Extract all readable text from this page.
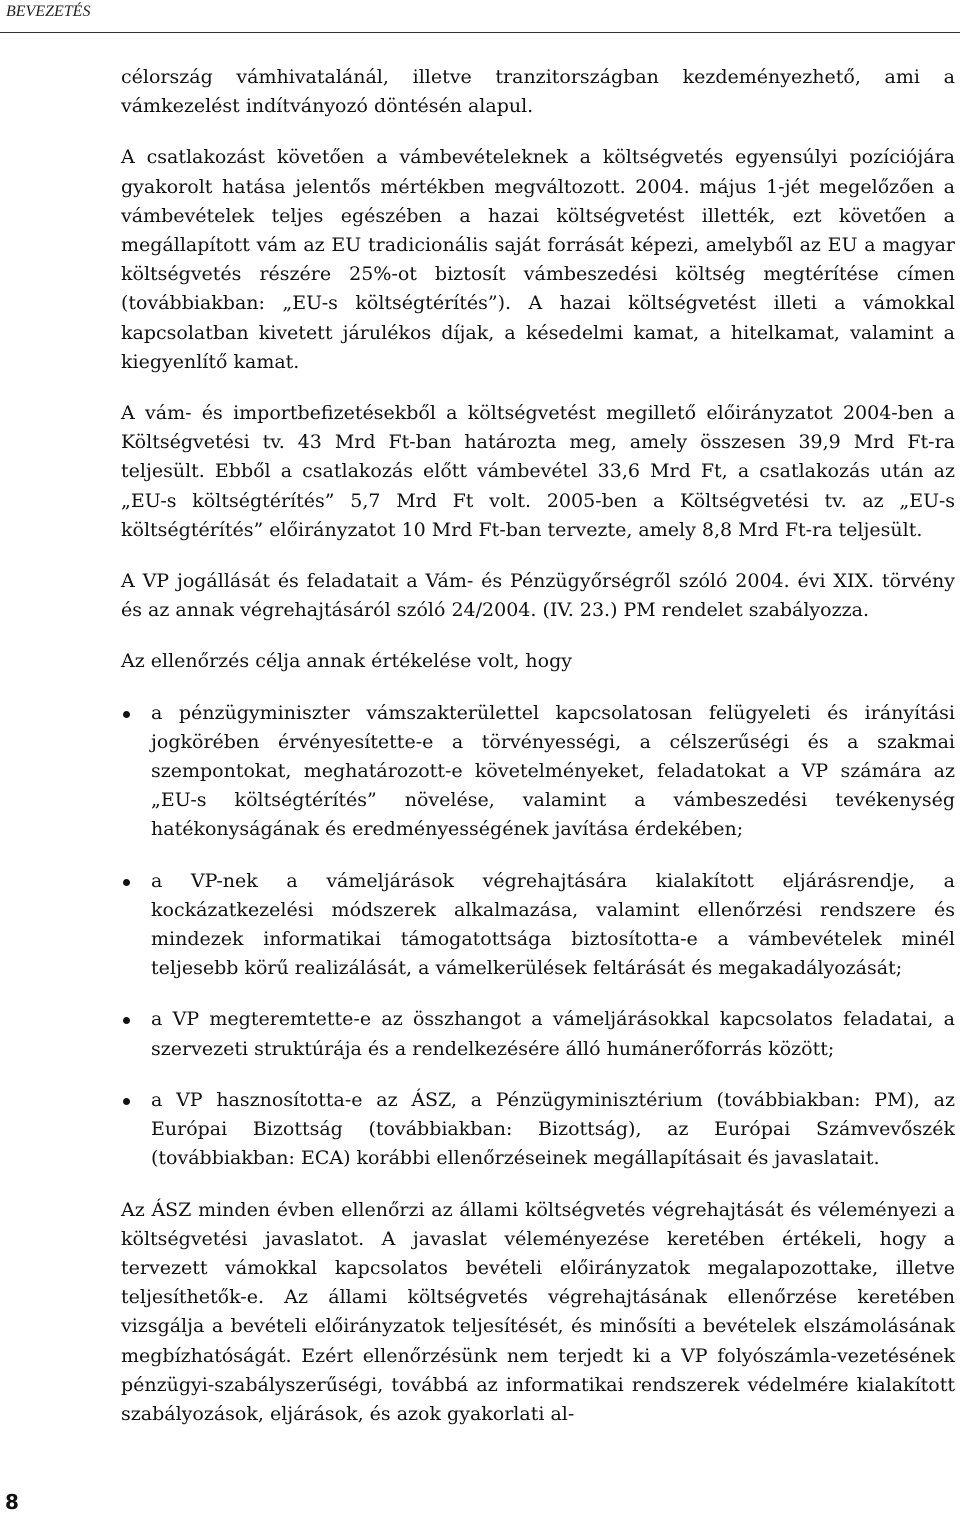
BEVEZETÉS

célország vámhivatalánál, illetve tranzitországban kezdeményezhető, ami a vámkezelést indítványozó döntésén alapul.

A csatlakozást követően a vámbevételeknek a költségvetés egyensúlyi pozíciójára gyakorolt hatása jelentős mértékben megváltozott. 2004. május 1-jét megelőzően a vámbevételek teljes egészében a hazai költségvetést illették, ezt követően a megállapított vám az EU tradicionális saját forrását képezi, amelyből az EU a magyar költségvetés részére 25%-ot biztosít vámbeszedési költség megtérítése címen (továbbiakban: „EU-s költségtérítés”). A hazai költségvetést illeti a vámokkal kapcsolatban kivetett járulékos díjak, a késedelmi kamat, a hitelkamat, valamint a kiegyenlítő kamat.

A vám- és importbefizetésekből a költségvetést megillető előirányzatot 2004-ben a Költségvetési tv. 43 Mrd Ft-ban határozta meg, amely összesen 39,9 Mrd Ft-ra teljesült. Ebből a csatlakozás előtt vámbevétel 33,6 Mrd Ft, a csatlakozás után az „EU-s költségtérítés” 5,7 Mrd Ft volt. 2005-ben a Költségvetési tv. az „EU-s költségtérítés” előirányzatot 10 Mrd Ft-ban tervezte, amely 8,8 Mrd Ft-ra teljesült.

A VP jogállását és feladatait a Vám- és Pénzügyőrségről szóló 2004. évi XIX. törvény és az annak végrehajtásáról szóló 24/2004. (IV. 23.) PM rendelet szabályozza.

Az ellenőrzés célja annak értékelése volt, hogy

a pénzügyminiszter vámszakterülettel kapcsolatosan felügyeleti és irányítási jogkörében érvényesítette-e a törvényességi, a célszerűségi és a szakmai szempontokat, meghatározott-e követelményeket, feladatokat a VP számára az „EU-s költségtérítés” növelése, valamint a vámbeszedési tevékenység hatékonyságának és eredményességének javítása érdekében;
a VP-nek a vámeljárások végrehajtására kialakított eljárásrendje, a kockázatkezelési módszerek alkalmazása, valamint ellenőrzési rendszere és mindezek informatikai támogatottsága biztosította-e a vámbevételek minél teljesebb körű realizálását, a vámelkerülések feltárását és megakadályozását;
a VP megteremtette-e az összhangot a vámeljárásokkal kapcsolatos feladatai, a szervezeti struktúrája és a rendelkezésére álló humánerőforrás között;
a VP hasznosította-e az ÁSZ, a Pénzügyminisztérium (továbbiakban: PM), az Európai Bizottság (továbbiakban: Bizottság), az Európai Számvevőszék (továbbiakban: ECA) korábbi ellenőrzéseinek megállapításait és javaslatait.

Az ÁSZ minden évben ellenőrzi az állami költségvetés végrehajtását és véleményezi a költségvetési javaslatot. A javaslat véleményezése keretében értékeli, hogy a tervezett vámokkal kapcsolatos bevételi előirányzatok megalapozottake, illetve teljesíthetők-e. Az állami költségvetés végrehajtásának ellenőrzése keretében vizsgálja a bevételi előirányzatok teljesítését, és minősíti a bevételek elszámolásának megbízhatóságát. Ezért ellenőrzésünk nem terjedt ki a VP folyószámla-vezetésének pénzügyi-szabályszerűségi, továbbá az informatikai rendszerek védelmére kialakított szabályozások, eljárások, és azok gyakorlati al-

8
